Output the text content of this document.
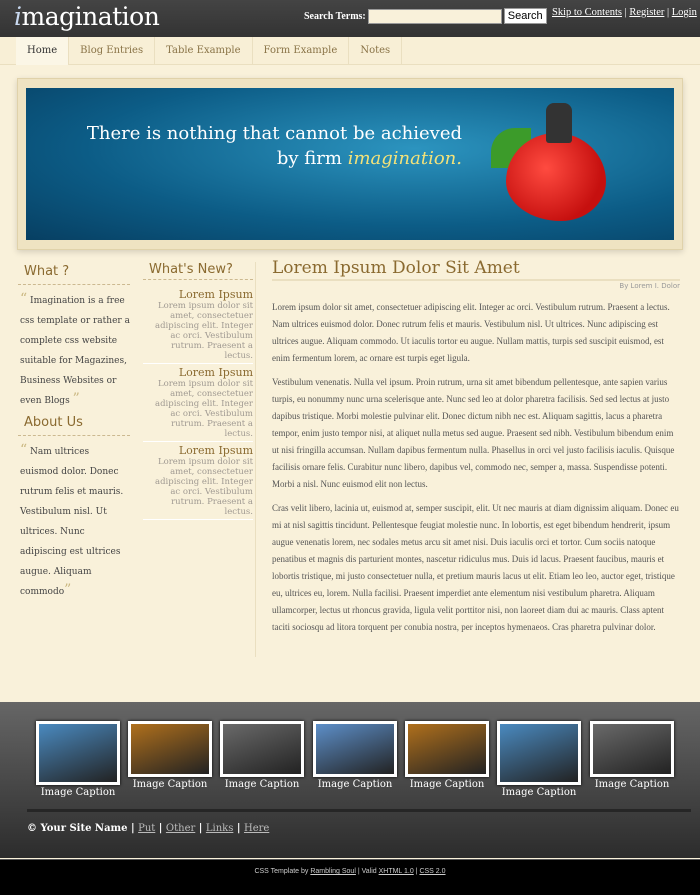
imagination	Search Terms:	Search Skip to Contents | Register | Login
Home	Blog Entries	Table Example	Form Example	Notes
There is nothing that cannot be achieved
by firm imagination.
What ?

“ Imagination is a free css template or rather a complete css website suitable for Magazines, Business Websites or even Blogs ”

About Us

“ Nam ultrices euismod dolor. Donec rutrum felis et mauris. Vestibulum nisl. Ut ultrices. Nunc adipiscing est ultrices augue. Aliquam commodo”

What's New?
Lorem Ipsum

Lorem ipsum dolor sit amet, consectetuer adipiscing elit. Integer ac orci. Vestibulum rutrum. Praesent a lectus.

Lorem Ipsum

Lorem ipsum dolor sit amet, consectetuer adipiscing elit. Integer ac orci. Vestibulum rutrum. Praesent a lectus.

Lorem Ipsum

Lorem ipsum dolor sit amet, consectetuer adipiscing elit. Integer ac orci. Vestibulum rutrum. Praesent a lectus.

Lorem Ipsum Dolor Sit Amet
By Lorem I. Dolor

Lorem ipsum dolor sit amet, consectetuer adipiscing elit. Integer ac orci. Vestibulum rutrum. Praesent a lectus. Nam ultrices euismod dolor. Donec rutrum felis et mauris. Vestibulum nisl. Ut ultrices. Nunc adipiscing est ultrices augue. Aliquam commodo. Ut iaculis tortor eu augue. Nullam mattis, turpis sed suscipit euismod, est enim fermentum lorem, ac ornare est turpis eget ligula.

Vestibulum venenatis. Nulla vel ipsum. Proin rutrum, urna sit amet bibendum pellentesque, ante sapien varius turpis, eu nonummy nunc urna scelerisque ante. Nunc sed leo at dolor pharetra facilisis. Sed sed lectus at justo dapibus tristique. Morbi molestie pulvinar elit. Donec dictum nibh nec est. Aliquam sagittis, lacus a pharetra tempor, enim justo tempor nisi, at aliquet nulla metus sed augue. Praesent sed nibh. Vestibulum bibendum enim ut nisi fringilla accumsan. Nullam dapibus fermentum nulla. Phasellus in orci vel justo facilisis iaculis. Quisque facilisis ornare felis. Curabitur nunc libero, dapibus vel, commodo nec, semper a, massa. Suspendisse potenti. Morbi a nisl. Nunc euismod elit non lectus.

Cras velit libero, lacinia ut, euismod at, semper suscipit, elit. Ut nec mauris at diam dignissim aliquam. Donec eu mi at nisl sagittis tincidunt. Pellentesque feugiat molestie nunc. In lobortis, est eget bibendum hendrerit, ipsum augue venenatis lorem, nec sodales metus arcu sit amet nisi. Duis iaculis orci et tortor. Cum sociis natoque penatibus et magnis dis parturient montes, nascetur ridiculus mus. Duis id lacus. Praesent faucibus, mauris et lobortis tristique, mi justo consectetuer nulla, et pretium mauris lacus ut elit. Etiam leo leo, auctor eget, tristique eu, ultrices eu, lorem. Nulla facilisi. Praesent imperdiet ante elementum nisi vestibulum pharetra. Aliquam ullamcorper, lectus ut rhoncus gravida, ligula velit porttitor nisi, non laoreet diam dui ac mauris. Class aptent taciti sociosqu ad litora torquent per conubia nostra, per inceptos hymenaeos. Cras pharetra pulvinar dolor.

Image Caption
Image Caption	Image Caption	Image Caption	Image Caption
Image Caption
Image Caption
© Your Site Name | Put | Other | Links | Here
CSS Template by Rambling Soul | Valid XHTML 1.0 | CSS 2.0
